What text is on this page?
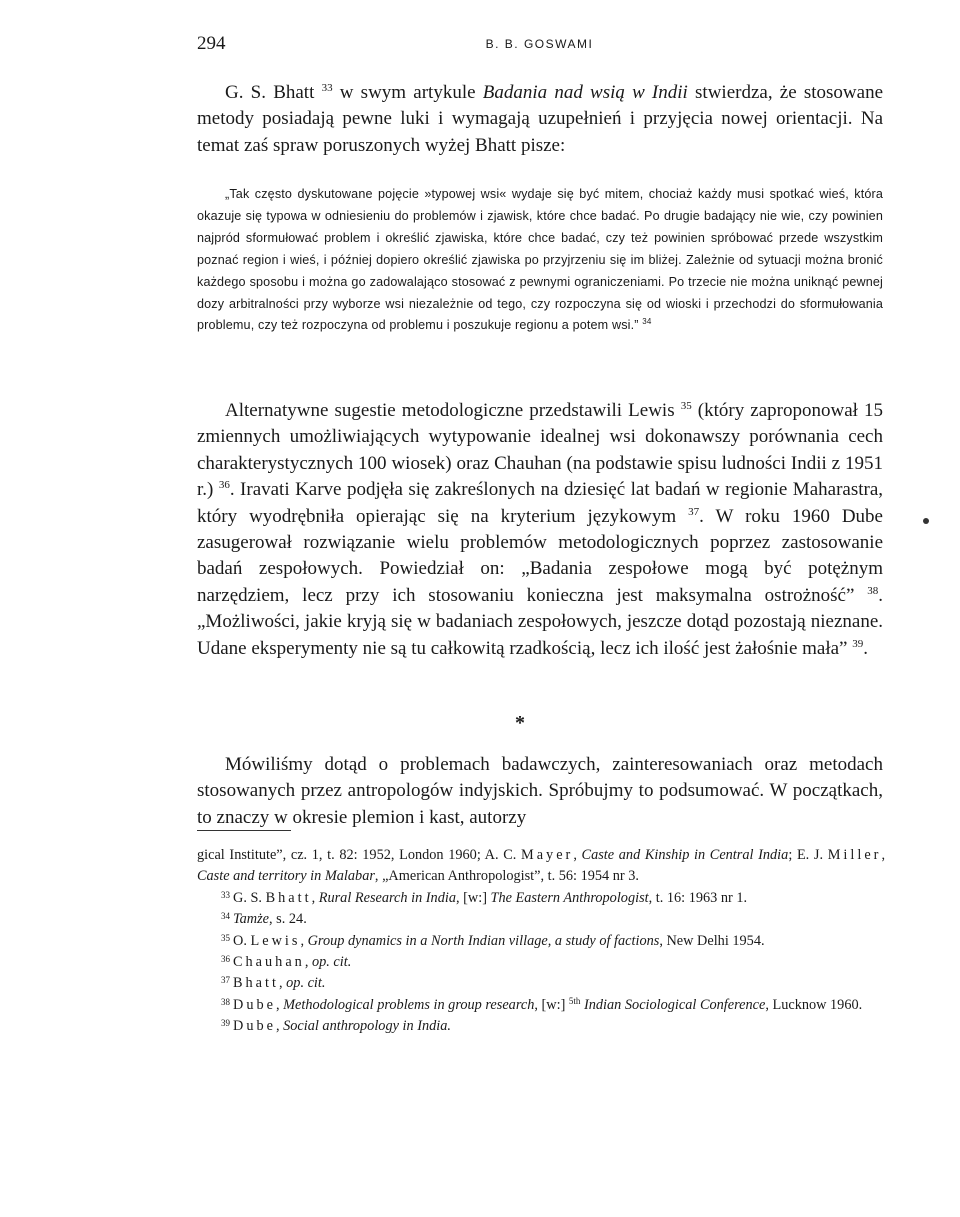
294	B. B. GOSWAMI

G. S. Bhatt $^{33}$ w swym artykule Badania nad wsią w Indii stwierdza, że stosowane metody posiadają pewne luki i wymagają uzupełnień i przyjęcia nowej orientacji. Na temat zaś spraw poruszonych wyżej Bhatt pisze:

„Tak często dyskutowane pojęcie »typowej wsi« wydaje się być mitem, chociaż każdy musi spotkać wieś, która okazuje się typowa w odniesieniu do problemów i zjawisk, które chce badać. Po drugie badający nie wie, czy powinien najpród sformułować problem i określić zjawiska, które chce badać, czy też powinien spróbować przede wszystkim poznać region i wieś, i później dopiero określić zjawiska po przyjrzeniu się im bliżej. Zależnie od sytuacji można bronić każdego sposobu i można go zadowalająco stosować z pewnymi ograniczeniami. Po trzecie nie można uniknąć pewnej dozy arbitralności przy wyborze wsi niezależnie od tego, czy rozpoczyna się od wioski i przechodzi do sformułowania problemu, czy też rozpoczyna od problemu i poszukuje regionu a potem wsi.” $^{34}$

Alternatywne sugestie metodologiczne przedstawili Lewis $^{35}$ (który zaproponował 15 zmiennych umożliwiających wytypowanie idealnej wsi dokonawszy porównania cech charakterystycznych 100 wiosek) oraz Chauhan (na podstawie spisu ludności Indii z 1951 r.) $^{36}$. Iravati Karve podjęła się zakreślonych na dziesięć lat badań w regionie Maharastra, który wyodrębniła opierając się na kryterium językowym $^{37}$. W roku 1960 Dube zasugerował rozwiązanie wielu problemów metodologicznych poprzez zastosowanie badań zespołowych. Powiedział on: „Badania zespołowe mogą być potężnym narzędziem, lecz przy ich stosowaniu konieczna jest maksymalna ostrożność” $^{38}$. „Możliwości, jakie kryją się w badaniach zespołowych, jeszcze dotąd pozostają nieznane. Udane eksperymenty nie są tu całkowitą rzadkością, lecz ich ilość jest żałośnie mała” $^{39}$.

*

Mówiliśmy dotąd o problemach badawczych, zainteresowaniach oraz metodach stosowanych przez antropologów indyjskich. Spróbujmy to podsumować. W początkach, to znaczy w okresie plemion i kast, autorzy

gical Institute”, cz. 1, t. 82: 1952, London 1960; A. C. Mayer, Caste and Kinship in Central India; E. J. Miller, Caste and territory in Malabar, „American Anthropologist”, t. 56: 1954 nr 3.

$^{33}$ G. S. Bhatt, Rural Research in India, [w:] The Eastern Anthropologist, t. 16: 1963 nr 1.

$^{34}$ Tamże, s. 24.

$^{35}$ O. Lewis, Group dynamics in a North Indian village, a study of factions, New Delhi 1954.

$^{36}$ Chauhan, op. cit.

$^{37}$ Bhatt, op. cit.

$^{38}$ Dube, Methodological problems in group research, [w:] $^{5th}$ Indian Sociological Conference, Lucknow 1960.

$^{39}$ Dube, Social anthropology in India.
